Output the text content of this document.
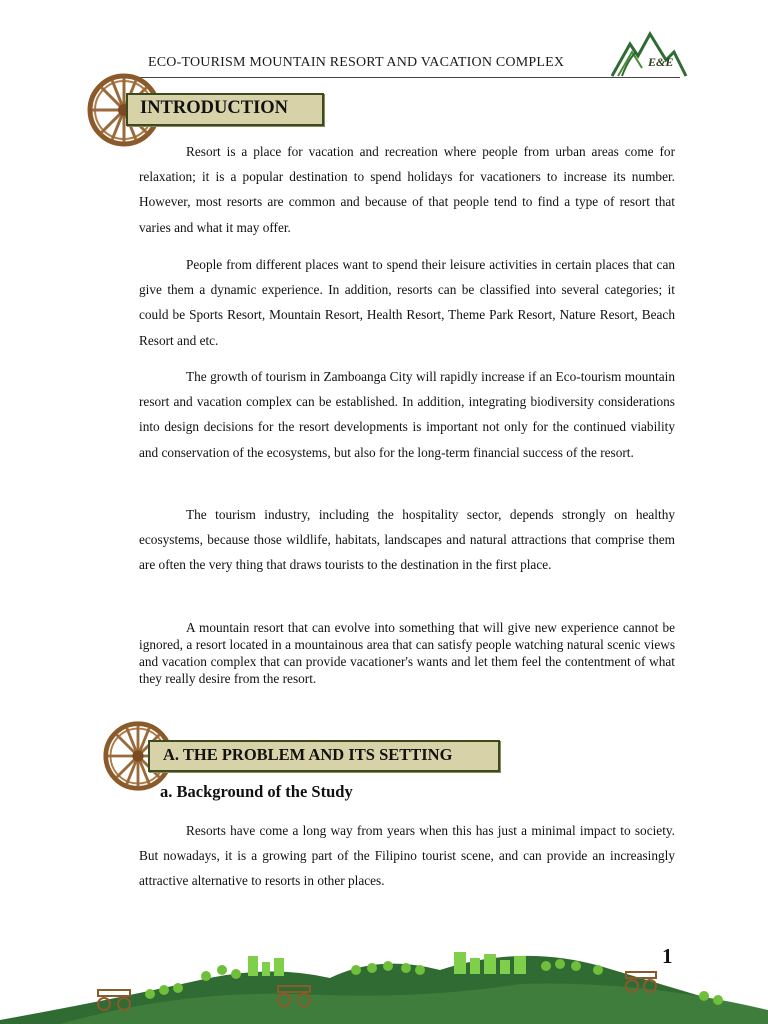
ECO-TOURISM MOUNTAIN RESORT AND VACATION COMPLEX	E&E
INTRODUCTION

Resort is a place for vacation and recreation where people from urban areas come for relaxation; it is a popular destination to spend holidays for vacationers to increase its number. However, most resorts are common and because of that people tend to find a type of resort that varies and what it may offer.

People from different places want to spend their leisure activities in certain places that can give them a dynamic experience. In addition, resorts can be classified into several categories; it could be Sports Resort, Mountain Resort, Health Resort, Theme Park Resort, Nature Resort, Beach Resort and etc.

The growth of tourism in Zamboanga City will rapidly increase if an Eco-tourism mountain resort and vacation complex can be established. In addition, integrating biodiversity considerations into design decisions for the resort developments is important not only for the continued viability and conservation of the ecosystems, but also for the long-term financial success of the resort.

The tourism industry, including the hospitality sector, depends strongly on healthy ecosystems, because those wildlife, habitats, landscapes and natural attractions that comprise them are often the very thing that draws tourists to the destination in the first place.

A mountain resort that can evolve into something that will give new experience cannot be ignored, a resort located in a mountainous area that can satisfy people watching natural scenic views and vacation complex that can provide vacationer's wants and let them feel the contentment of what they really desire from the resort.

A. THE PROBLEM AND ITS SETTING
a. Background of the Study

Resorts have come a long way from years when this has just a minimal impact to society. But nowadays, it is a growing part of the Filipino tourist scene, and can provide an increasingly attractive alternative to resorts in other places.

1
